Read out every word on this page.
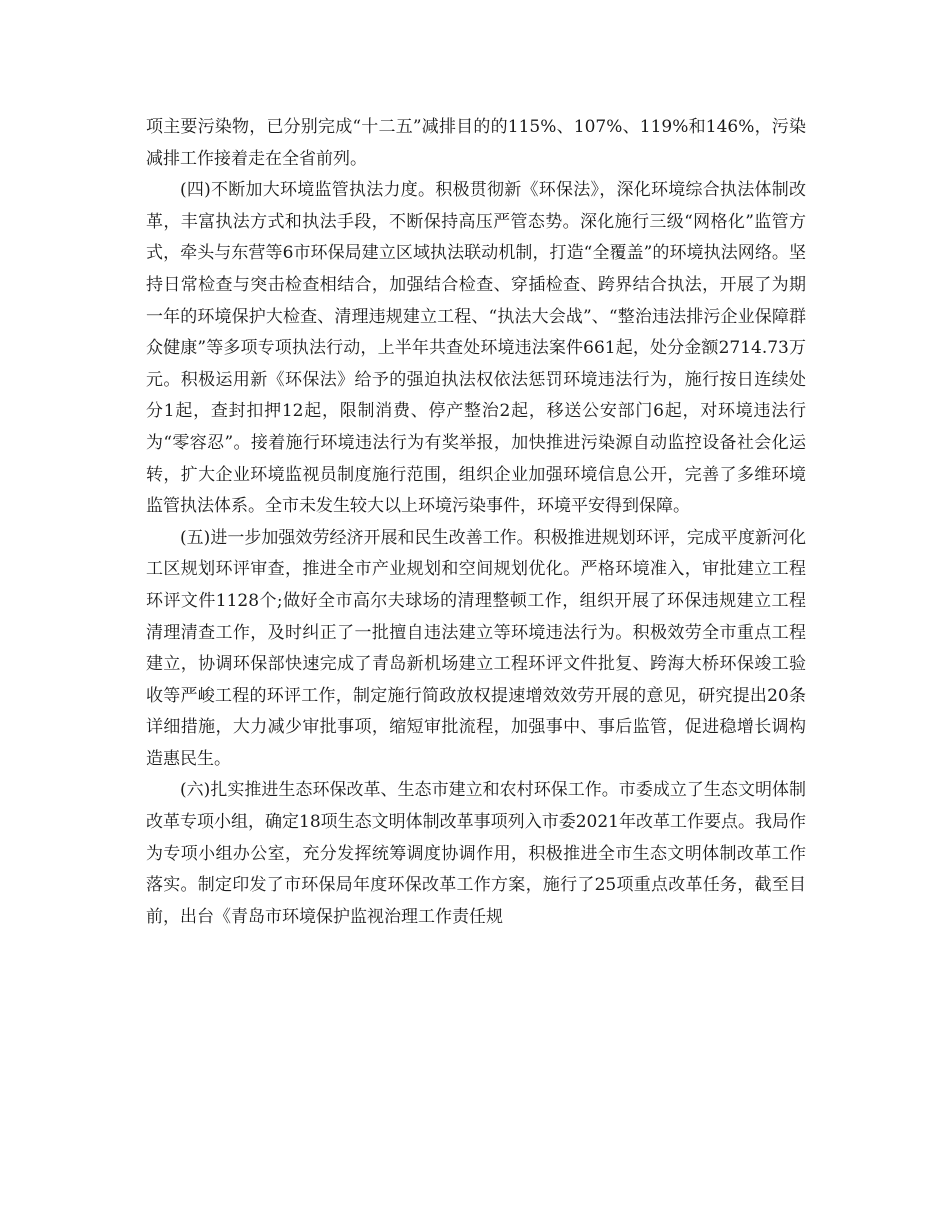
项主要污染物，已分别完成“十二五”减排目的的115%、107%、119%和146%，污染减排工作接着走在全省前列。

(四)不断加大环境监管执法力度。积极贯彻新《环保法》，深化环境综合执法体制改革，丰富执法方式和执法手段，不断保持高压严管态势。深化施行三级“网格化”监管方式，牵头与东营等6市环保局建立区域执法联动机制，打造“全覆盖”的环境执法网络。坚持日常检查与突击检查相结合，加强结合检查、穿插检查、跨界结合执法，开展了为期一年的环境保护大检查、清理违规建立工程、“执法大会战”、“整治违法排污企业保障群众健康”等多项专项执法行动，上半年共查处环境违法案件661起，处分金额2714.73万元。积极运用新《环保法》给予的强迫执法权依法惩罚环境违法行为，施行按日连续处分1起，查封扣押12起，限制消费、停产整治2起，移送公安部门6起，对环境违法行为“零容忍”。接着施行环境违法行为有奖举报，加快推进污染源自动监控设备社会化运转，扩大企业环境监视员制度施行范围，组织企业加强环境信息公开，完善了多维环境监管执法体系。全市未发生较大以上环境污染事件，环境平安得到保障。

(五)进一步加强效劳经济开展和民生改善工作。积极推进规划环评，完成平度新河化工区规划环评审查，推进全市产业规划和空间规划优化。严格环境准入，审批建立工程环评文件1128个;做好全市高尔夫球场的清理整顿工作，组织开展了环保违规建立工程清理清查工作，及时纠正了一批擅自违法建立等环境违法行为。积极效劳全市重点工程建立，协调环保部快速完成了青岛新机场建立工程环评文件批复、跨海大桥环保竣工验收等严峻工程的环评工作，制定施行简政放权提速增效效劳开展的意见，研究提出20条详细措施，大力减少审批事项，缩短审批流程，加强事中、事后监管，促进稳增长调构造惠民生。

(六)扎实推进生态环保改革、生态市建立和农村环保工作。市委成立了生态文明体制改革专项小组，确定18项生态文明体制改革事项列入市委2021年改革工作要点。我局作为专项小组办公室，充分发挥统筹调度协调作用，积极推进全市生态文明体制改革工作落实。制定印发了市环保局年度环保改革工作方案，施行了25项重点改革任务，截至目前，出台《青岛市环境保护监视治理工作责任规
